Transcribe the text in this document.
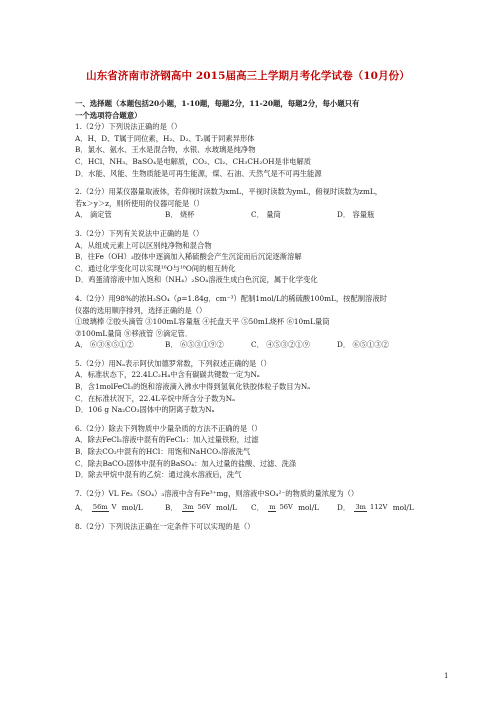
山东省济南市济钢高中 2015届高三上学期月考化学试卷（10月份）
一、选择题（本题包括20小题，1-10题，每题2分，11-20题，每题2分，每小题只有
一个选项符合题意）
1.（2分）下列说法正确的是（）
A．H、D、T属于同位素，H₂、D₂、T₂属于同素异形体
B．氯水、氨水、王水是混合物，水银、水玻璃是纯净物
C．HCl、NH₃、BaSO₄是电解质，CO₂、Cl₂、CH₃CH₂OH是非电解质
D．水能、风能、生物质能是可再生能源，煤、石油、天然气是不可再生能源
2.（2分）用某仪器量取液体，若仰视时读数为xmL，平视时读数为ymL，俯视时读数为zmL，
若x＞y＞z，则所使用的仪器可能是（）
A． 滴定管	B． 烧杯	C． 量筒	D． 容量瓶
3.（2分）下列有关说法中正确的是（）
A．从组成元素上可以区别纯净物和混合物
B．往Fe（OH）₃胶体中逐滴加入稀硫酸会产生沉淀而后沉淀逐渐溶解
C．通过化学变化可以实现¹⁶O与¹⁸O间的相互转化
D．鸡蛋清溶液中加入饱和（NH₄）₂SO₄溶液生成白色沉淀，属于化学变化
4.（2分）用98%的浓H₂SO₄（ρ=1.84g．cm⁻³）配制1mol/L的稀硫酸100mL，按配制溶液时
仪器的选用顺序排列，选择正确的是（）
①玻璃棒 ②胶头滴管 ③100mL容量瓶 ④托盘天平 ⑤50mL烧杯 ⑥10mL量筒
⑦100mL量筒 ⑧移液管 ⑨滴定管．
A． ⑥③⑧⑤①②	B． ⑥⑤③①⑨②	C． ④⑤③②①⑨	D． ⑥⑤①③②
5.（2分）用Nₐ表示阿伏加德罗常数，下列叙述正确的是（）
A．标准状态下，22.4LC₂H₄中含有碳碳共键数一定为Nₐ
B．含1molFeCl₃的饱和溶液滴入沸水中得到氢氧化铁胶体粒子数目为Nₐ
C．在标准状况下，22.4L辛烷中所含分子数为Nₐ
D．106 g Na₂CO₃固体中的阴离子数为Nₐ
6.（2分）除去下列物质中少量杂质的方法不正确的是（）
A．除去FeCl₂溶液中混有的FeCl₃：加入过量铁粉，过滤
B．除去CO₂中混有的HCl：用饱和NaHCO₃溶液洗气
C．除去BaCO₃固体中混有的BaSO₄：加入过量的盐酸、过滤、洗涤
D．除去甲烷中混有的乙烷：通过溴水溶液后，洗气
7.（2分）VL Fe₂（SO₄）₃溶液中含有Fe³⁺mg，则溶液中SO₄²⁻的物质的量浓度为（）
A． 56m V mol/L	B． 3m 56V mol/L	C． m 56V mol/L	D． 3m 112V mol/L
8.（2分）下列说法正确在一定条件下可以实现的是（）
1
